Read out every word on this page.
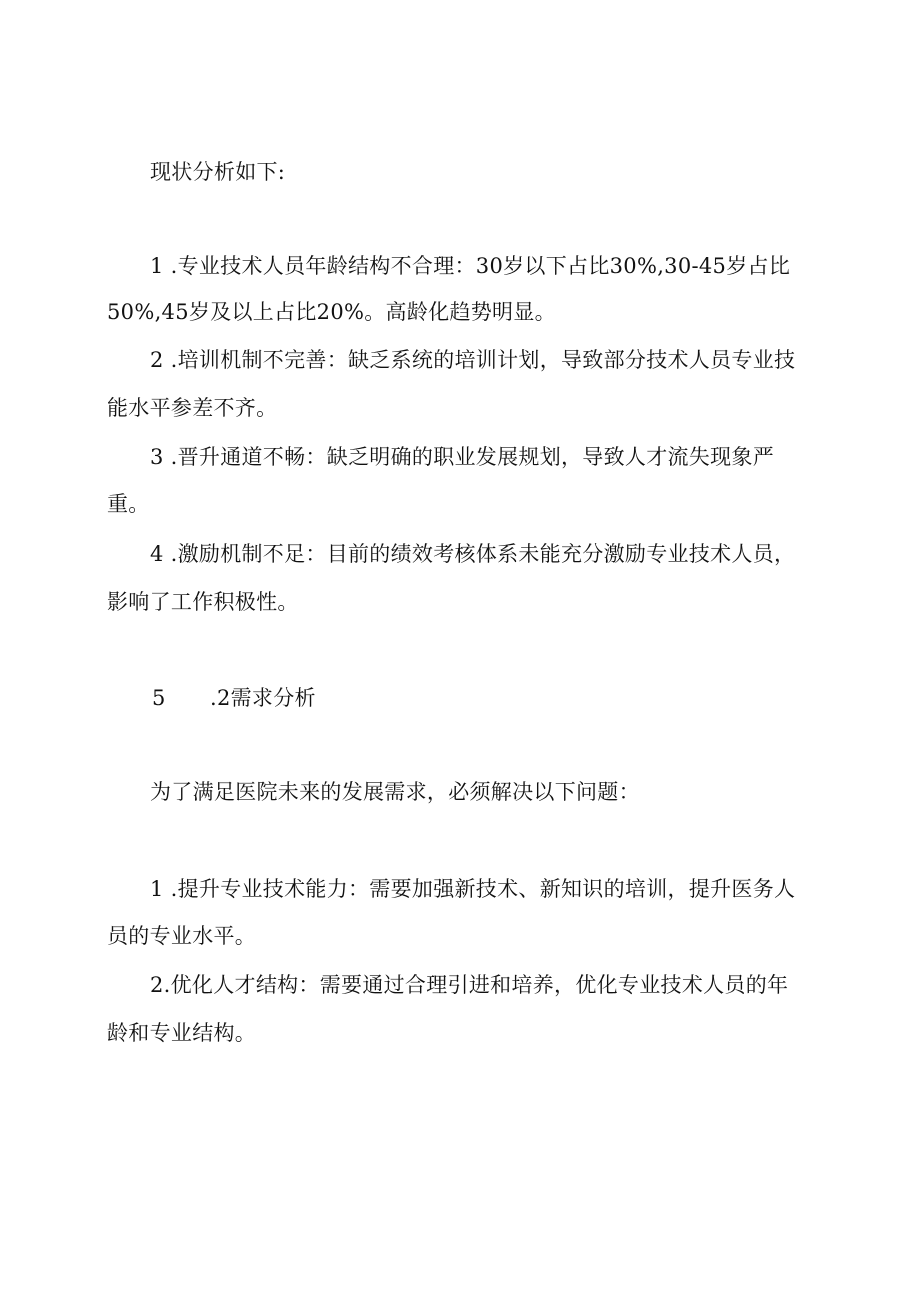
现状分析如下:
1 .专业技术人员年龄结构不合理：30岁以下占比30%,30-45岁占比
50%,45岁及以上占比20%。高龄化趋势明显。
2 .培训机制不完善：缺乏系统的培训计划，导致部分技术人员专业技
能水平参差不齐。
3 .晋升通道不畅：缺乏明确的职业发展规划，导致人才流失现象严
重。
4 .激励机制不足：目前的绩效考核体系未能充分激励专业技术人员，
影响了工作积极性。
5 .2需求分析
为了满足医院未来的发展需求，必须解决以下问题：
1 .提升专业技术能力：需要加强新技术、新知识的培训，提升医务人
员的专业水平。
2.优化人才结构：需要通过合理引进和培养，优化专业技术人员的年
龄和专业结构。
